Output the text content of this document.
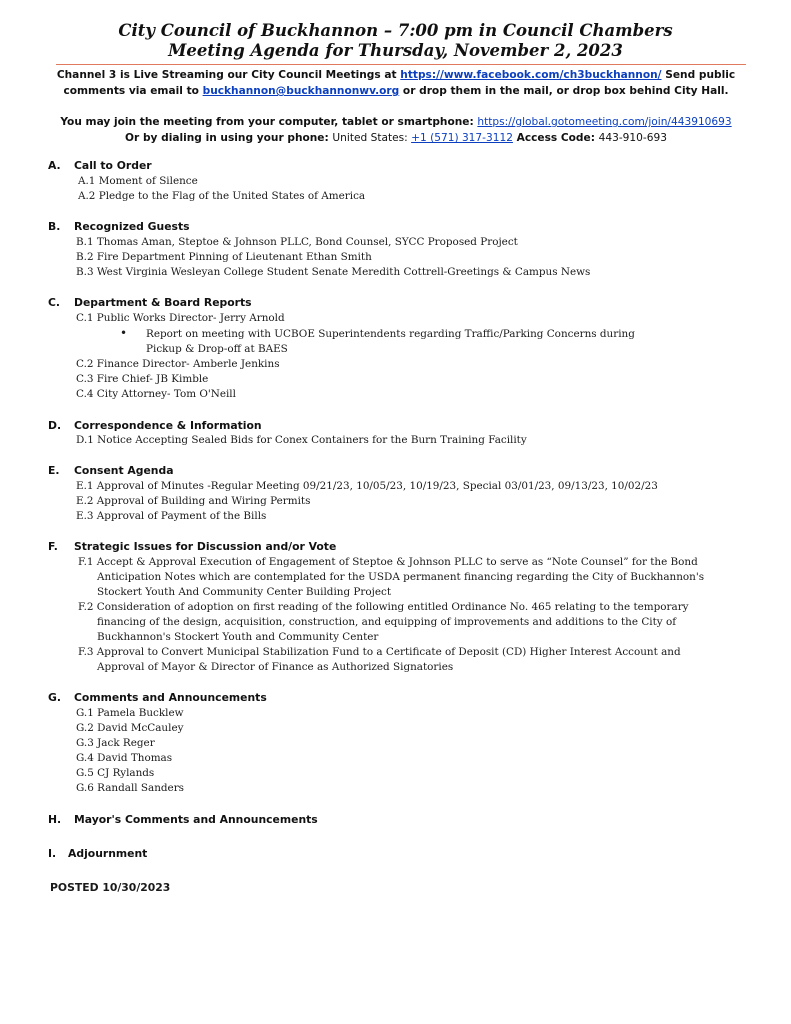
City Council of Buckhannon – 7:00 pm in Council Chambers
Meeting Agenda for Thursday, November 2, 2023
Channel 3 is Live Streaming our City Council Meetings at https://www.facebook.com/ch3buckhannon/ Send public
comments via email to buckhannon@buckhannonwv.org or drop them in the mail, or drop box behind City Hall.
You may join the meeting from your computer, tablet or smartphone: https://global.gotomeeting.com/join/443910693
Or by dialing in using your phone: United States: +1 (571) 317-3112 Access Code: 443-910-693
A. Call to Order
A.1 Moment of Silence
A.2 Pledge to the Flag of the United States of America
B. Recognized Guests
B.1 Thomas Aman, Steptoe & Johnson PLLC, Bond Counsel, SYCC Proposed Project
B.2 Fire Department Pinning of Lieutenant Ethan Smith
B.3 West Virginia Wesleyan College Student Senate Meredith Cottrell-Greetings & Campus News
C. Department & Board Reports
C.1 Public Works Director- Jerry Arnold
• Report on meeting with UCBOE Superintendents regarding Traffic/Parking Concerns during
Pickup & Drop-off at BAES
C.2 Finance Director- Amberle Jenkins
C.3 Fire Chief- JB Kimble
C.4 City Attorney- Tom O'Neill
D. Correspondence & Information
D.1 Notice Accepting Sealed Bids for Conex Containers for the Burn Training Facility
E. Consent Agenda
E.1 Approval of Minutes -Regular Meeting 09/21/23, 10/05/23, 10/19/23, Special 03/01/23, 09/13/23, 10/02/23
E.2 Approval of Building and Wiring Permits
E.3 Approval of Payment of the Bills
F. Strategic Issues for Discussion and/or Vote
F.1 Accept & Approval Execution of Engagement of Steptoe & Johnson PLLC to serve as “Note Counsel” for the Bond
Anticipation Notes which are contemplated for the USDA permanent financing regarding the City of Buckhannon's
Stockert Youth And Community Center Building Project
F.2 Consideration of adoption on first reading of the following entitled Ordinance No. 465 relating to the temporary
financing of the design, acquisition, construction, and equipping of improvements and additions to the City of
Buckhannon's Stockert Youth and Community Center
F.3 Approval to Convert Municipal Stabilization Fund to a Certificate of Deposit (CD) Higher Interest Account and
Approval of Mayor & Director of Finance as Authorized Signatories
G. Comments and Announcements
G.1 Pamela Bucklew
G.2 David McCauley
G.3 Jack Reger
G.4 David Thomas
G.5 CJ Rylands
G.6 Randall Sanders
H. Mayor's Comments and Announcements
I. Adjournment
POSTED 10/30/2023
